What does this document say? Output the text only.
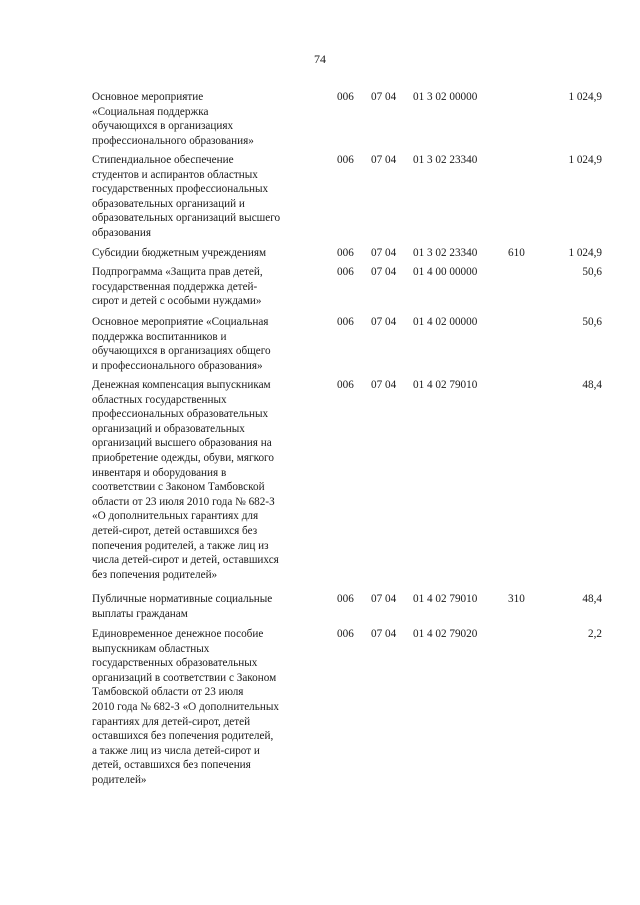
74
Основное мероприятие
«Социальная поддержка
обучающихся в организациях
профессионального образования»
006 07 04 01 3 02 00000	1 024,9
Стипендиальное обеспечение
студентов и аспирантов областных
государственных профессиональных
образовательных организаций и
образовательных организаций высшего
образования
006 07 04 01 3 02 23340	1 024,9
Субсидии бюджетным учреждениям	006 07 04 01 3 02 23340	610	1 024,9
Подпрограмма «Защита прав детей,
государственная поддержка детей-
сирот и детей с особыми нуждами»
006 07 04 01 4 00 00000	50,6
Основное мероприятие «Социальная
поддержка воспитанников и
обучающихся в организациях общего
и профессионального образования»
006 07 04 01 4 02 00000	50,6
Денежная компенсация выпускникам
областных государственных
профессиональных образовательных
организаций и образовательных
организаций высшего образования на
приобретение одежды, обуви, мягкого
инвентаря и оборудования в
соответствии с Законом Тамбовской
области от 23 июля 2010 года № 682-З
«О дополнительных гарантиях для
детей-сирот, детей оставшихся без
попечения родителей, а также лиц из
числа детей-сирот и детей, оставшихся
без попечения родителей»
006 07 04 01 4 02 79010	48,4
Публичные нормативные социальные
выплаты гражданам
006 07 04 01 4 02 79010	310	48,4
Единовременное денежное пособие
выпускникам областных
государственных образовательных
организаций в соответствии с Законом
Тамбовской области от 23 июля
2010 года № 682-З «О дополнительных
гарантиях для детей-сирот, детей
оставшихся без попечения родителей,
а также лиц из числа детей-сирот и
детей, оставшихся без попечения
родителей»
006 07 04 01 4 02 79020	2,2
